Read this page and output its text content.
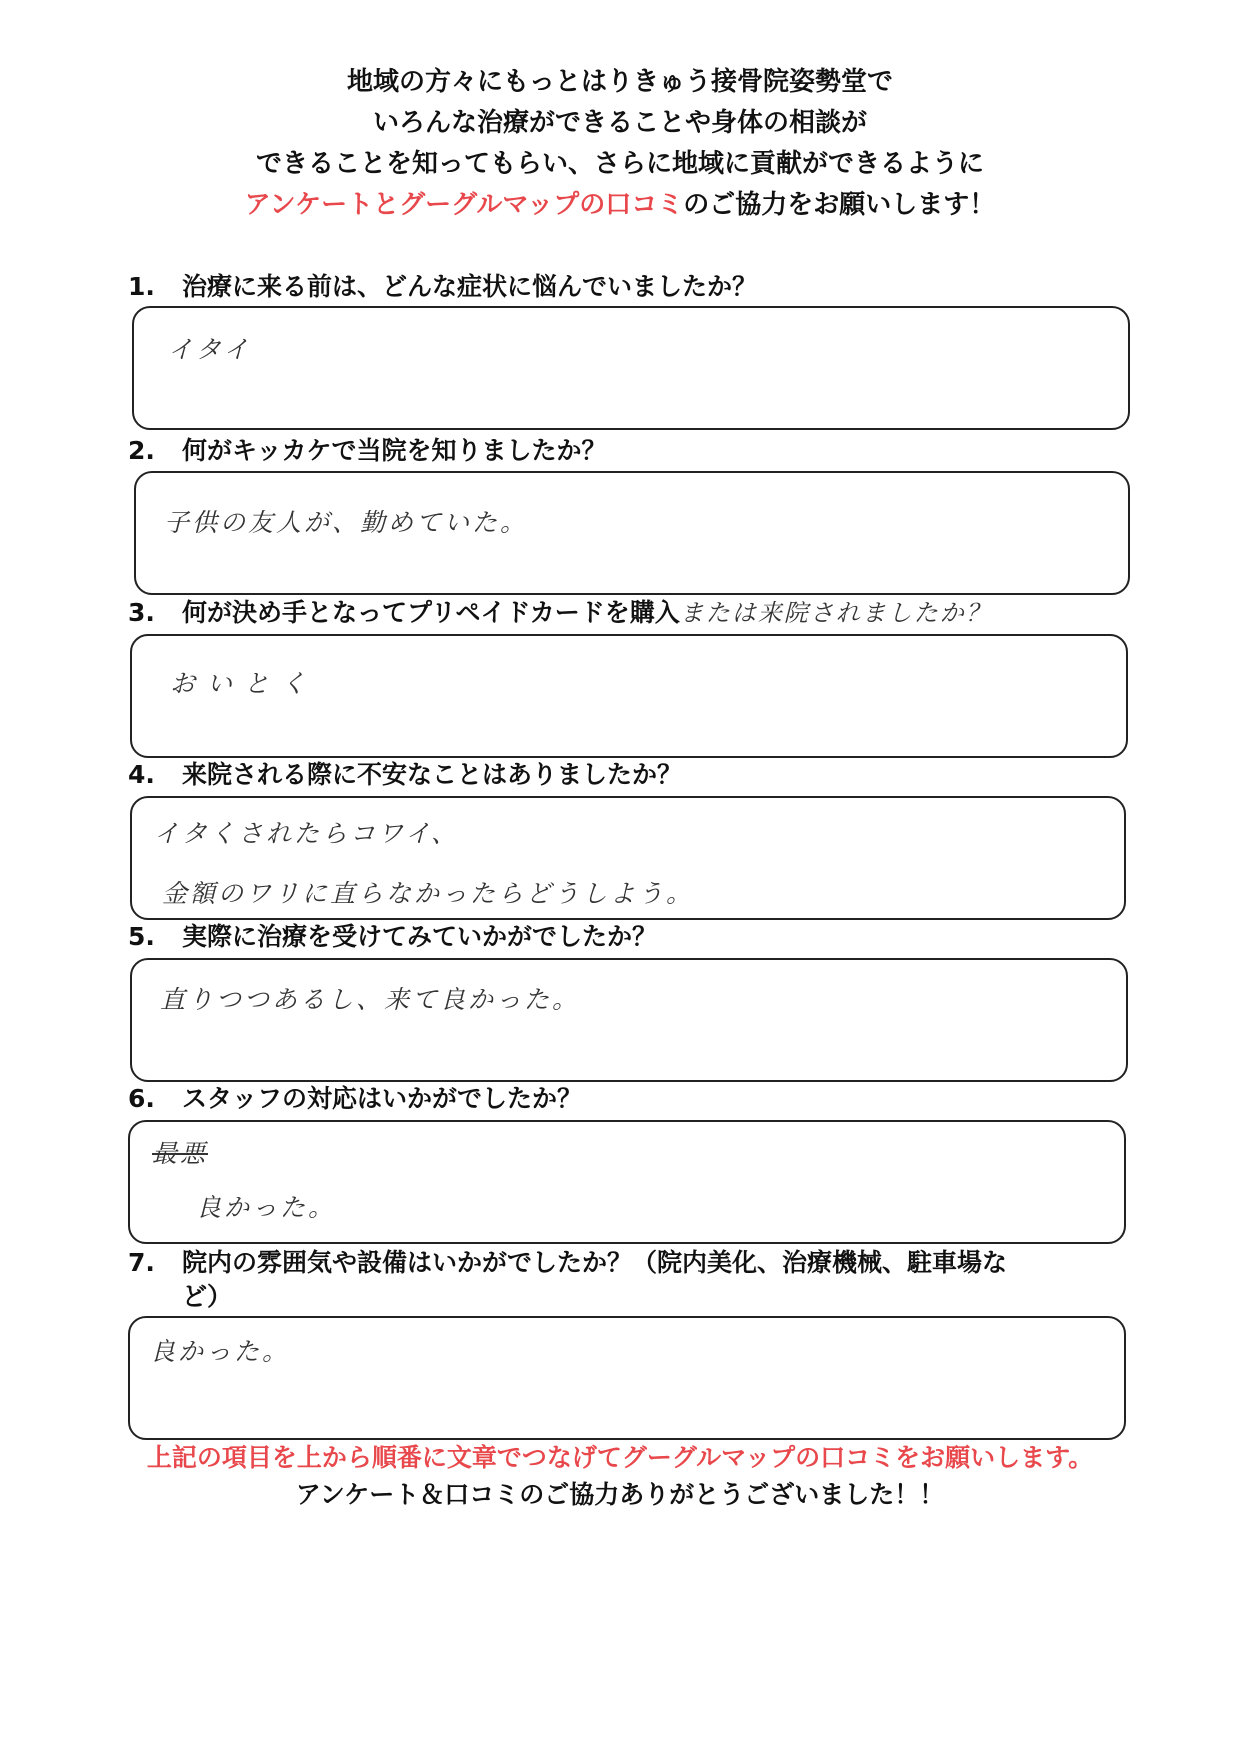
地域の方々にもっとはりきゅう接骨院姿勢堂で
いろんな治療ができることや身体の相談が
できることを知ってもらい、さらに地域に貢献ができるように
アンケートとグーグルマップの口コミのご協力をお願いします！
1. 治療に来る前は、どんな症状に悩んでいましたか？
イタイ
2. 何がキッカケで当院を知りましたか？
子供の友人が、勤めていた。
3. 何が決め手となってプリペイドカードを購入または来院されましたか？
おいとく
4. 来院される際に不安なことはありましたか？
イタくされたらコワイ、
金額のワリに直らなかったらどうしよう。
5. 実際に治療を受けてみていかがでしたか？
直りつつあるし、来て良かった。
6. スタッフの対応はいかがでしたか？
最悪
良かった。
7. 院内の雰囲気や設備はいかがでしたか？（院内美化、治療機械、駐車場な
ど）
良かった。
上記の項目を上から順番に文章でつなげてグーグルマップの口コミをお願いします。
アンケート＆口コミのご協力ありがとうございました！！
